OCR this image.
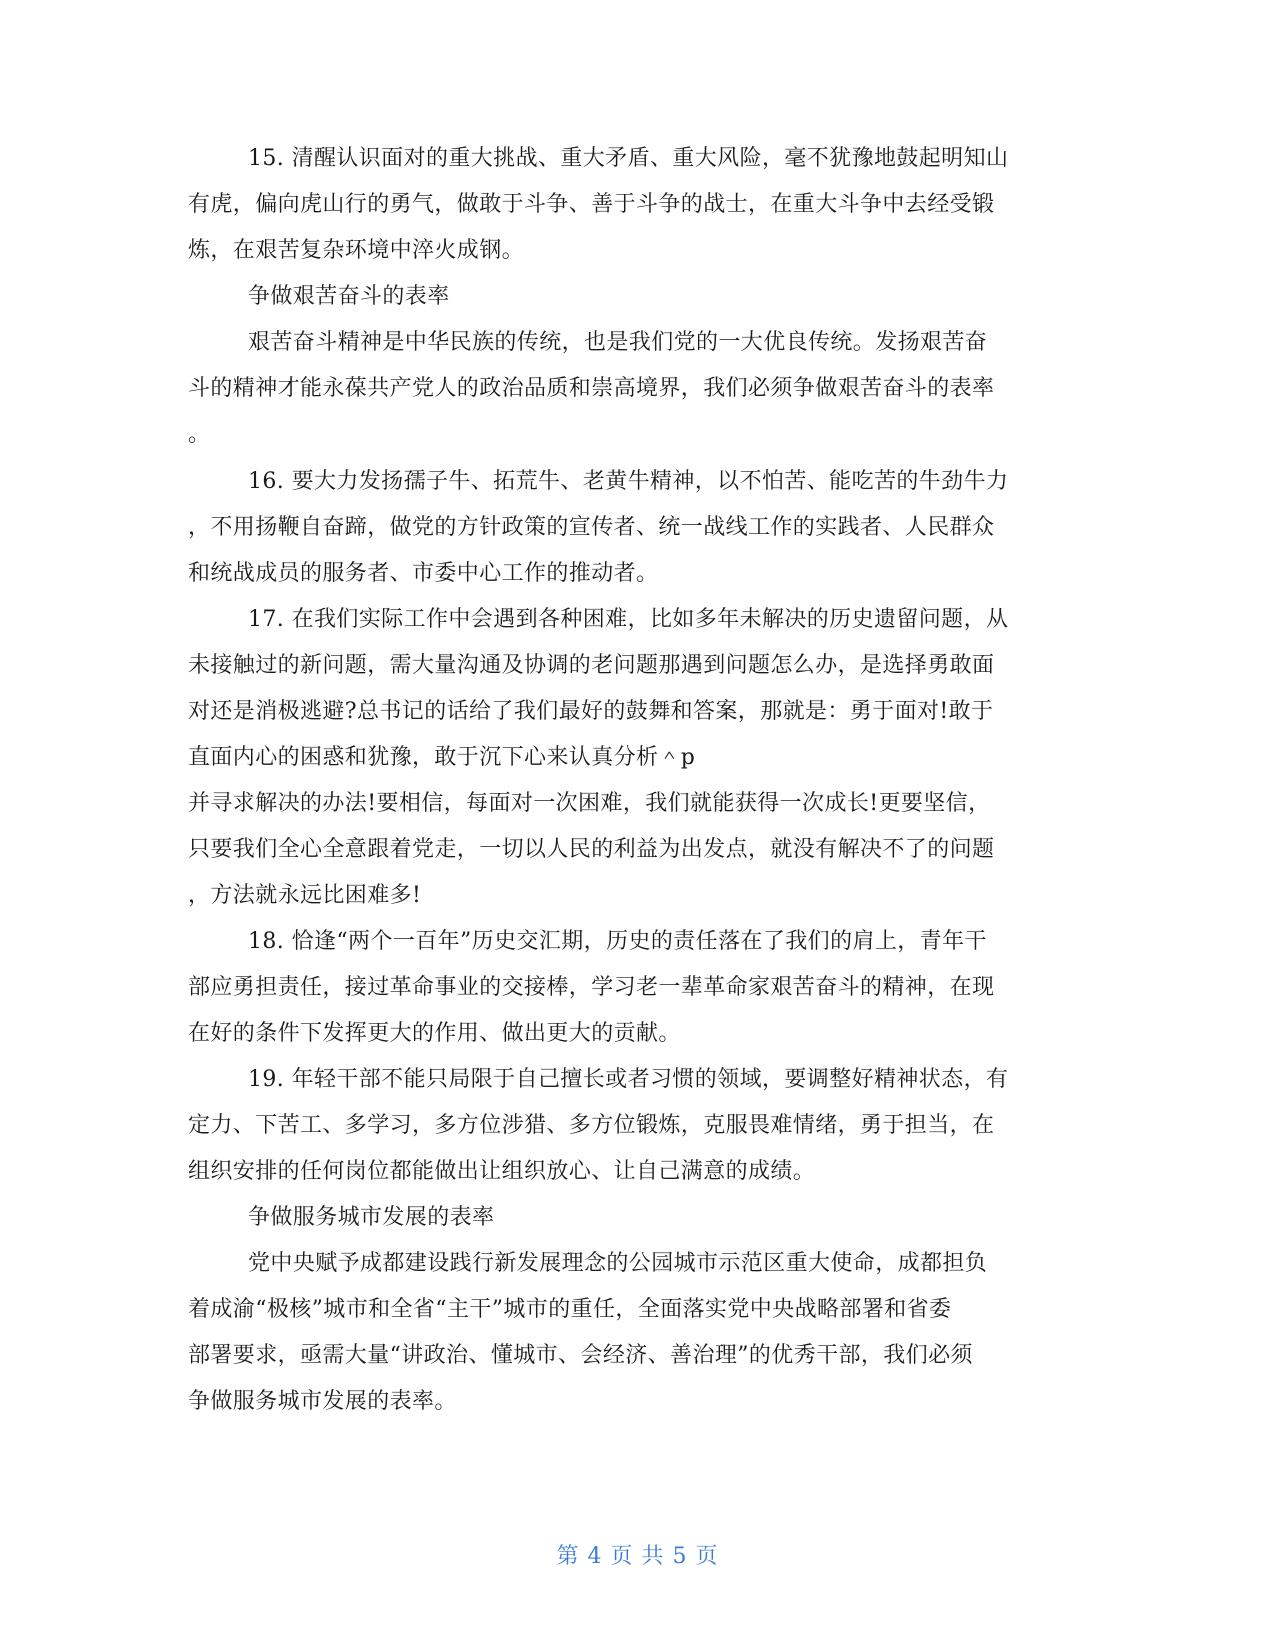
15. 清醒认识面对的重大挑战、重大矛盾、重大风险，毫不犹豫地鼓起明知山
有虎，偏向虎山行的勇气，做敢于斗争、善于斗争的战士，在重大斗争中去经受锻
炼，在艰苦复杂环境中淬火成钢。
争做艰苦奋斗的表率
艰苦奋斗精神是中华民族的传统，也是我们党的一大优良传统。发扬艰苦奋
斗的精神才能永葆共产党人的政治品质和崇高境界，我们必须争做艰苦奋斗的表率
。
16. 要大力发扬孺子牛、拓荒牛、老黄牛精神，以不怕苦、能吃苦的牛劲牛力
，不用扬鞭自奋蹄，做党的方针政策的宣传者、统一战线工作的实践者、人民群众
和统战成员的服务者、市委中心工作的推动者。
17. 在我们实际工作中会遇到各种困难，比如多年未解决的历史遗留问题，从
未接触过的新问题，需大量沟通及协调的老问题那遇到问题怎么办，是选择勇敢面
对还是消极逃避?总书记的话给了我们最好的鼓舞和答案，那就是：勇于面对!敢于
直面内心的困惑和犹豫，敢于沉下心来认真分析＾p
并寻求解决的办法!要相信，每面对一次困难，我们就能获得一次成长!更要坚信，
只要我们全心全意跟着党走，一切以人民的利益为出发点，就没有解决不了的问题
，方法就永远比困难多!
18. 恰逢“两个一百年”历史交汇期，历史的责任落在了我们的肩上，青年干
部应勇担责任，接过革命事业的交接棒，学习老一辈革命家艰苦奋斗的精神，在现
在好的条件下发挥更大的作用、做出更大的贡献。
19. 年轻干部不能只局限于自己擅长或者习惯的领域，要调整好精神状态，有
定力、下苦工、多学习，多方位涉猎、多方位锻炼，克服畏难情绪，勇于担当，在
组织安排的任何岗位都能做出让组织放心、让自己满意的成绩。
争做服务城市发展的表率
党中央赋予成都建设践行新发展理念的公园城市示范区重大使命，成都担负
着成渝“极核”城市和全省“主干”城市的重任，全面落实党中央战略部署和省委
部署要求，亟需大量“讲政治、懂城市、会经济、善治理”的优秀干部，我们必须
争做服务城市发展的表率。
第 4 页 共 5 页
